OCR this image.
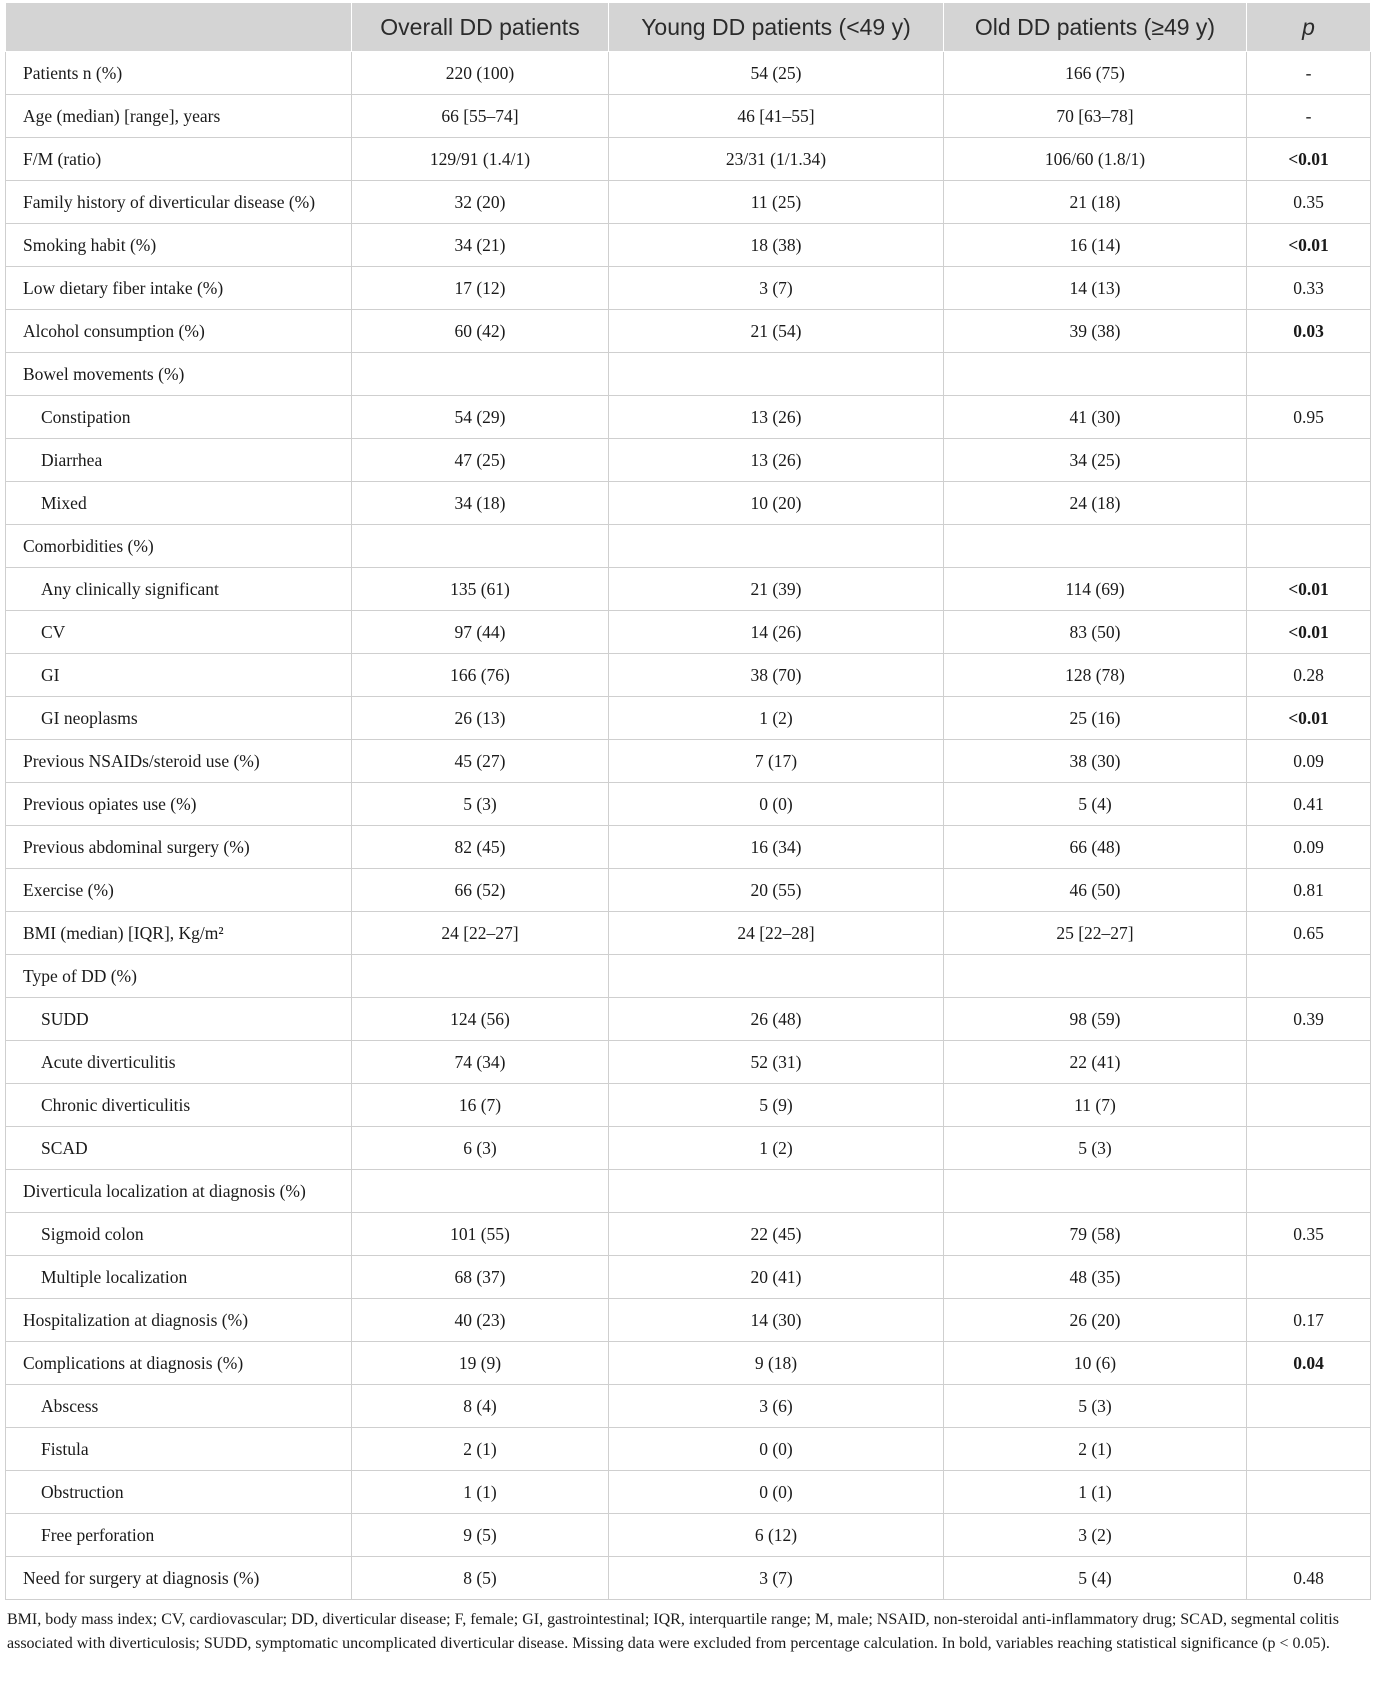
	Overall DD patients	Young DD patients (<49 y)	Old DD patients (≥49 y)	p
Patients n (%)	220 (100)	54 (25)	166 (75)	-
Age (median) [range], years	66 [55–74]	46 [41–55]	70 [63–78]	-
F/M (ratio)	129/91 (1.4/1)	23/31 (1/1.34)	106/60 (1.8/1)	<0.01
Family history of diverticular disease (%)	32 (20)	11 (25)	21 (18)	0.35
Smoking habit (%)	34 (21)	18 (38)	16 (14)	<0.01
Low dietary fiber intake (%)	17 (12)	3 (7)	14 (13)	0.33
Alcohol consumption (%)	60 (42)	21 (54)	39 (38)	0.03
Bowel movements (%)				
Constipation	54 (29)	13 (26)	41 (30)	0.95
Diarrhea	47 (25)	13 (26)	34 (25)	
Mixed	34 (18)	10 (20)	24 (18)	
Comorbidities (%)				
Any clinically significant	135 (61)	21 (39)	114 (69)	<0.01
CV	97 (44)	14 (26)	83 (50)	<0.01
GI	166 (76)	38 (70)	128 (78)	0.28
GI neoplasms	26 (13)	1 (2)	25 (16)	<0.01
Previous NSAIDs/steroid use (%)	45 (27)	7 (17)	38 (30)	0.09
Previous opiates use (%)	5 (3)	0 (0)	5 (4)	0.41
Previous abdominal surgery (%)	82 (45)	16 (34)	66 (48)	0.09
Exercise (%)	66 (52)	20 (55)	46 (50)	0.81
BMI (median) [IQR], Kg/m²	24 [22–27]	24 [22–28]	25 [22–27]	0.65
Type of DD (%)				
SUDD	124 (56)	26 (48)	98 (59)	0.39
Acute diverticulitis	74 (34)	52 (31)	22 (41)	
Chronic diverticulitis	16 (7)	5 (9)	11 (7)	
SCAD	6 (3)	1 (2)	5 (3)	
Diverticula localization at diagnosis (%)				
Sigmoid colon	101 (55)	22 (45)	79 (58)	0.35
Multiple localization	68 (37)	20 (41)	48 (35)	
Hospitalization at diagnosis (%)	40 (23)	14 (30)	26 (20)	0.17
Complications at diagnosis (%)	19 (9)	9 (18)	10 (6)	0.04
Abscess	8 (4)	3 (6)	5 (3)	
Fistula	2 (1)	0 (0)	2 (1)	
Obstruction	1 (1)	0 (0)	1 (1)	
Free perforation	9 (5)	6 (12)	3 (2)	
Need for surgery at diagnosis (%)	8 (5)	3 (7)	5 (4)	0.48
BMI, body mass index; CV, cardiovascular; DD, diverticular disease; F, female; GI, gastrointestinal; IQR, interquartile range; M, male; NSAID, non-steroidal anti-inflammatory drug; SCAD, segmental colitis associated with diverticulosis; SUDD, symptomatic uncomplicated diverticular disease. Missing data were excluded from percentage calculation. In bold, variables reaching statistical significance (p < 0.05).
